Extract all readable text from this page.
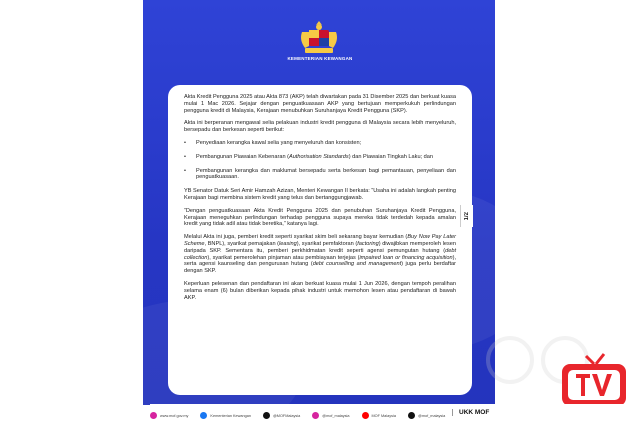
KEMENTERIAN KEWANGAN

Akta Kredit Pengguna 2025 atau Akta 873 (AKP) telah diwartakan pada 31 Disember 2025 dan berkuat kuasa mulai 1 Mac 2026. Sejajar dengan penguatkuasaan AKP yang bertujuan memperkukuh perlindungan pengguna kredit di Malaysia, Kerajaan menubuhkan Suruhanjaya Kredit Pengguna (SKP).

Akta ini berperanan mengawal selia pelakuan industri kredit pengguna di Malaysia secara lebih menyeluruh, bersepadu dan berkesan seperti berikut:

• Penyediaan kerangka kawal selia yang menyeluruh dan konsisten;
• Pembangunan Piawaian Kebenaran (Authorisation Standards) dan Piawaian Tingkah Laku; dan
• Pembangunan kerangka dan maklumat bersepadu serta berkesan bagi pemantauan, penyeliaan dan penguatkuasaan.

YB Senator Datuk Seri Amir Hamzah Azizan, Menteri Kewangan II berkata: “Usaha ini adalah langkah penting Kerajaan bagi membina sistem kredit yang telus dan bertanggungjawab.

“Dengan penguatkuasaan Akta Kredit Pengguna 2025 dan penubuhan Suruhanjaya Kredit Pengguna, Kerajaan meneguhkan perlindungan terhadap pengguna supaya mereka tidak terdedah kepada amalan kredit yang tidak adil atau tidak beretika,” katanya lagi.

Melalui Akta ini juga, pemberi kredit seperti syarikat skim beli sekarang bayar kemudian (Buy Now Pay Later Scheme, BNPL), syarikat pemajakan (leasing), syarikat pemfaktoran (factoring) diwajibkan memperoleh lesen daripada SKP. Sementara itu, pemberi perkhidmatan kredit seperti agensi pemungutan hutang (debt collection), syarikat pemerolehan pinjaman atau pembiayaan terjejas (impaired loan or financing acquisition), serta agensi kaunseling dan pengurusan hutang (debt counselling and management) juga perlu berdaftar dengan SKP.

Keperluan pelesenan dan pendaftaran ini akan berkuat kuasa mulai 1 Jun 2026, dengan tempoh peralihan selama enam (6) bulan diberikan kepada pihak industri untuk memohon lesen atau pendaftaran di bawah AKP.

1/2
www.mof.gov.my	Kementerian Kewangan	@MOFMalaysia	@mof_malaysia	MOF Malaysia	@mof_malaysia	UKK MOF
